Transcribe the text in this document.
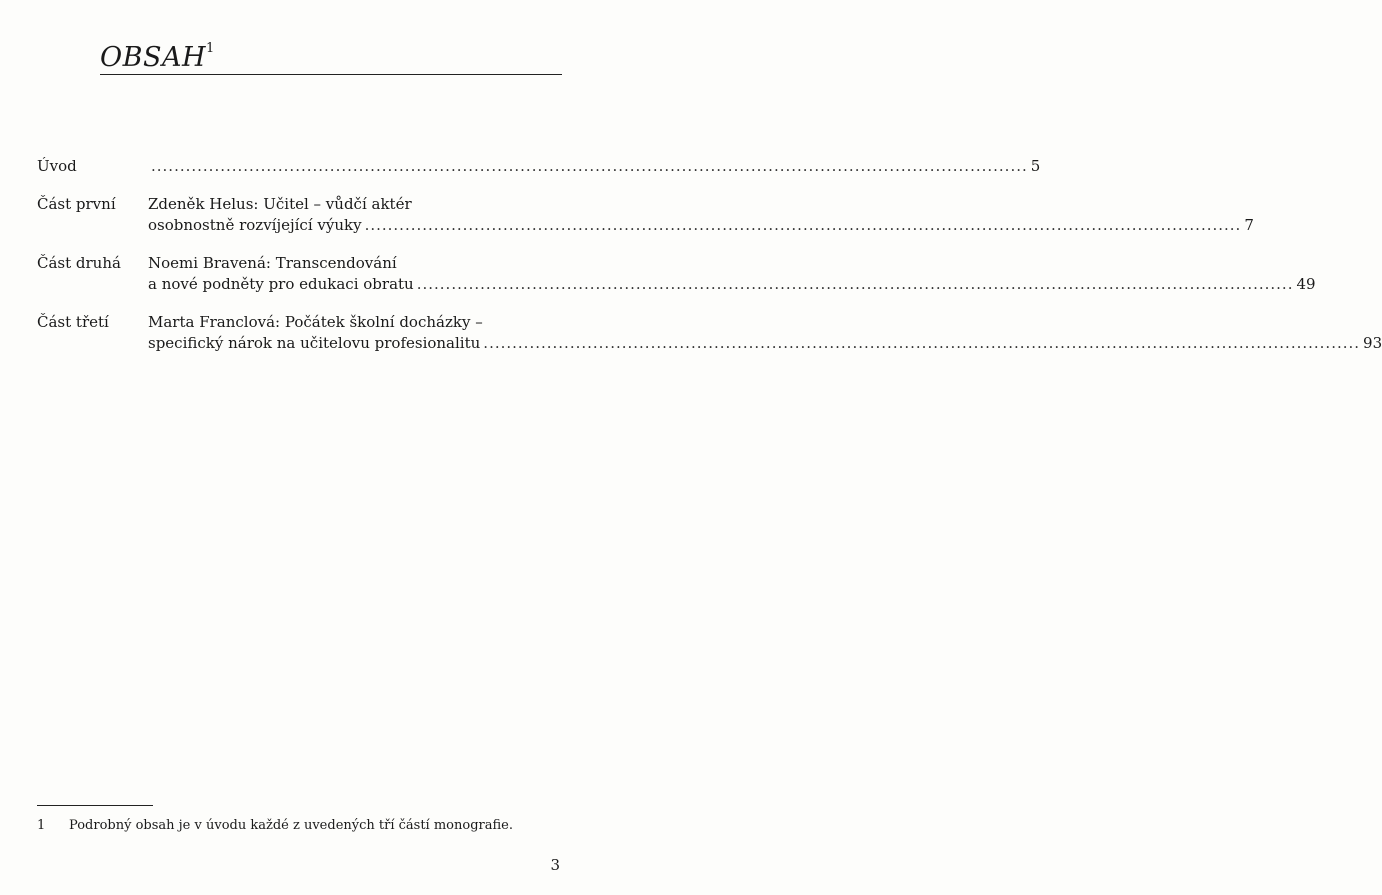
OBSAH$^1$
Úvod .....	5
Část první	Zdeněk Helus: Učitel – vůdčí aktér
osobnostně rozvíjející výuky .....	7
Část druhá	Noemi Bravená: Transcendování
a nové podněty pro edukaci obratu .....	49
Část třetí	Marta Franclová: Počátek školní docházky –
specifický nárok na učitelovu profesionalitu .....	93
1	Podrobný obsah je v úvodu každé z uvedených tří částí monografie.
3
